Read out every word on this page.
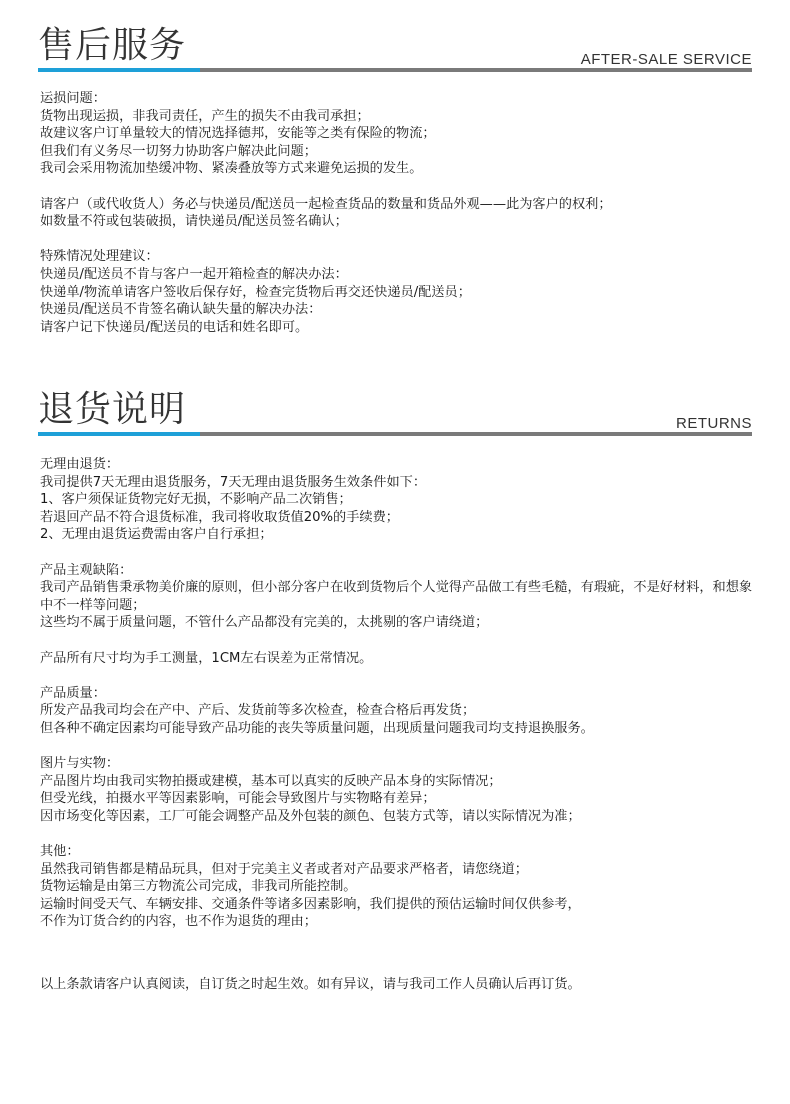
售后服务	AFTER-SALE SERVICE

运损问题：
货物出现运损，非我司责任，产生的损失不由我司承担；
故建议客户订单量较大的情况选择德邦，安能等之类有保险的物流；
但我们有义务尽一切努力协助客户解决此问题；
我司会采用物流加垫缓冲物、紧凑叠放等方式来避免运损的发生。

请客户（或代收货人）务必与快递员/配送员一起检查货品的数量和货品外观——此为客户的权利；
如数量不符或包装破损，请快递员/配送员签名确认；

特殊情况处理建议：
快递员/配送员不肯与客户一起开箱检查的解决办法：
快递单/物流单请客户签收后保存好，检查完货物后再交还快递员/配送员；
快递员/配送员不肯签名确认缺失量的解决办法：
请客户记下快递员/配送员的电话和姓名即可。

退货说明	RETURNS

无理由退货：
我司提供7天无理由退货服务，7天无理由退货服务生效条件如下：
1、客户须保证货物完好无损，不影响产品二次销售；
若退回产品不符合退货标准，我司将收取货值20%的手续费；
2、无理由退货运费需由客户自行承担；

产品主观缺陷：
我司产品销售秉承物美价廉的原则，但小部分客户在收到货物后个人觉得产品做工有些毛糙，有瑕疵，不是好材料，和想象中不一样等问题；
这些均不属于质量问题，不管什么产品都没有完美的，太挑剔的客户请绕道；

产品所有尺寸均为手工测量，1CM左右误差为正常情况。

产品质量：
所发产品我司均会在产中、产后、发货前等多次检查，检查合格后再发货；
但各种不确定因素均可能导致产品功能的丧失等质量问题，出现质量问题我司均支持退换服务。

图片与实物：
产品图片均由我司实物拍摄或建模，基本可以真实的反映产品本身的实际情况；
但受光线，拍摄水平等因素影响，可能会导致图片与实物略有差异；
因市场变化等因素，工厂可能会调整产品及外包装的颜色、包装方式等，请以实际情况为准；

其他：
虽然我司销售都是精品玩具，但对于完美主义者或者对产品要求严格者，请您绕道；
货物运输是由第三方物流公司完成，非我司所能控制。
运输时间受天气、车辆安排、交通条件等诸多因素影响，我们提供的预估运输时间仅供参考，
不作为订货合约的内容，也不作为退货的理由；

以上条款请客户认真阅读，自订货之时起生效。如有异议，请与我司工作人员确认后再订货。
